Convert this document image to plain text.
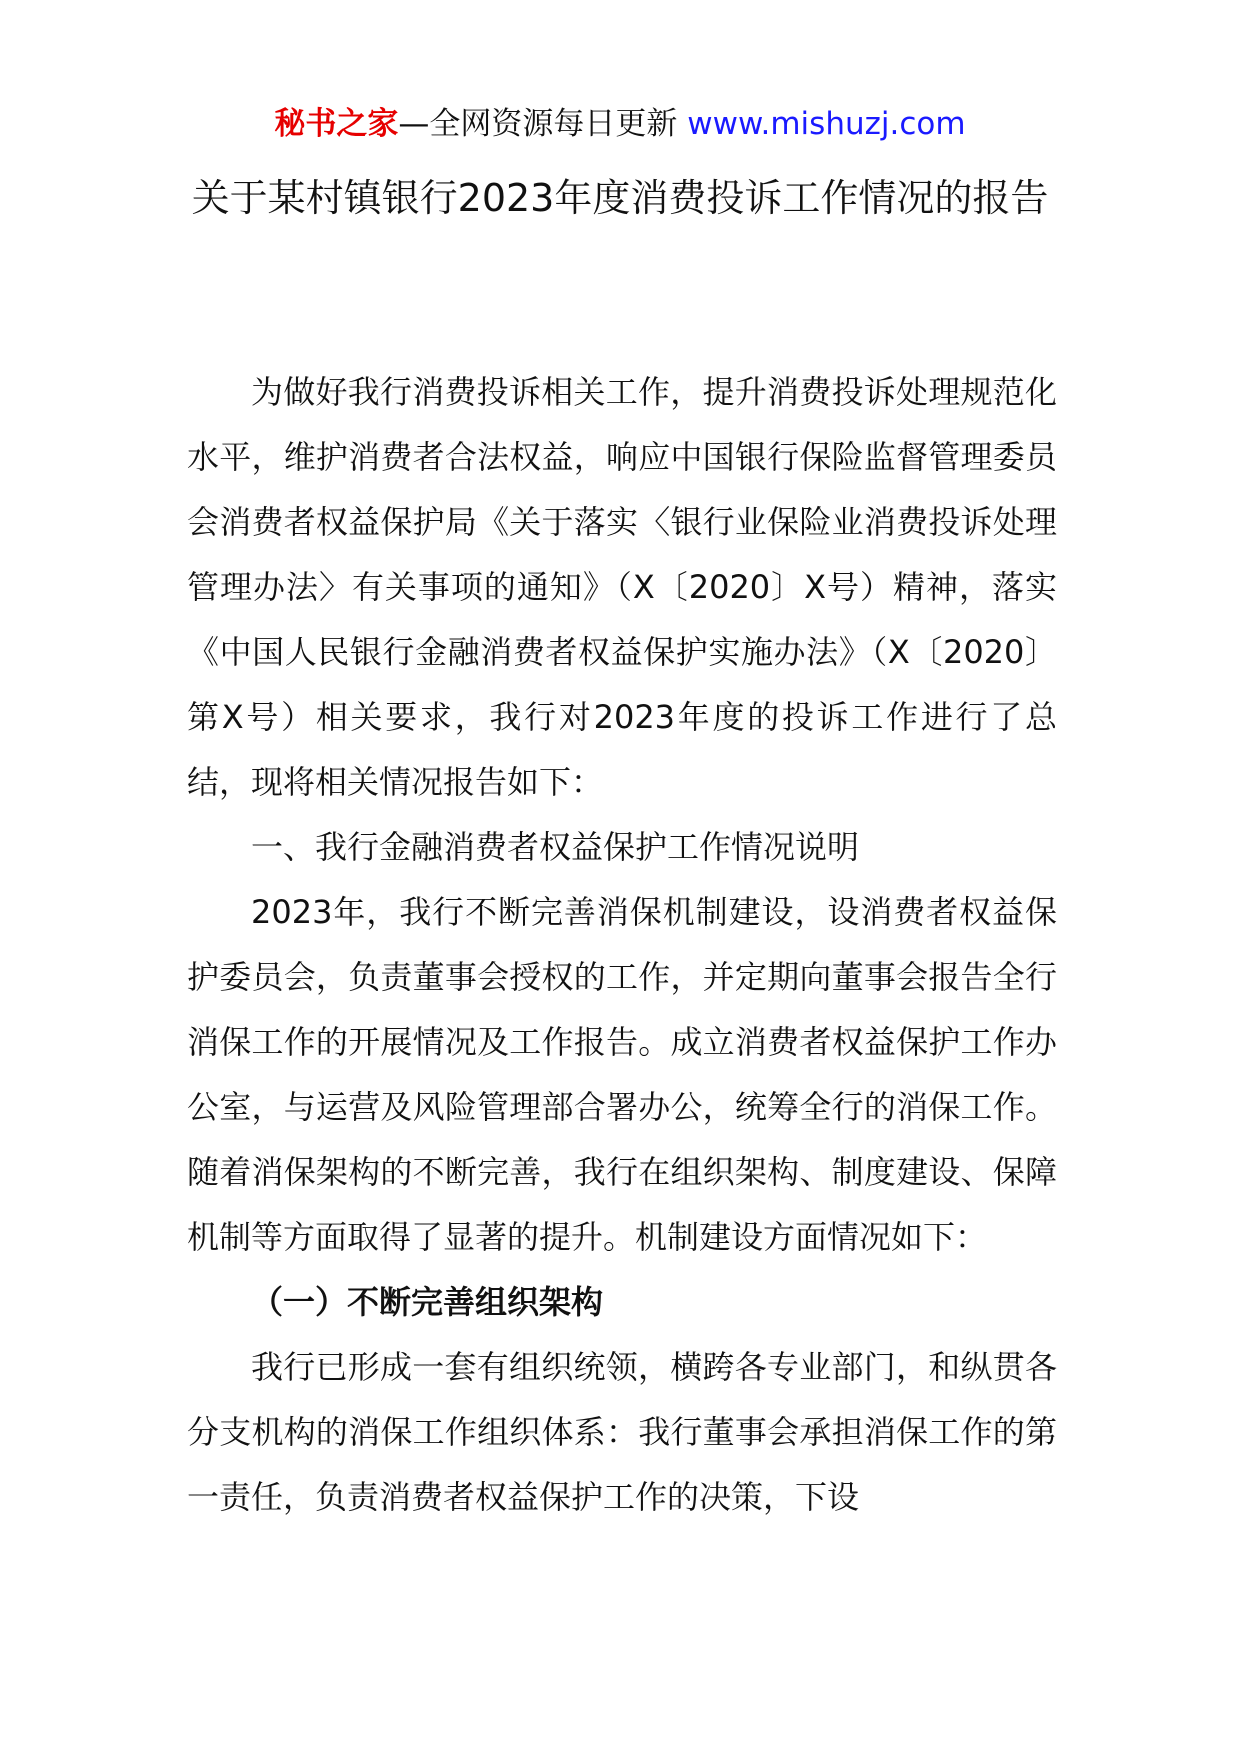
秘书之家—全网资源每日更新 www.mishuzj.com
关于某村镇银行2023年度消费投诉工作情况的报告

为做好我行消费投诉相关工作，提升消费投诉处理规范化水平，维护消费者合法权益，响应中国银行保险监督管理委员会消费者权益保护局《关于落实〈银行业保险业消费投诉处理管理办法〉有关事项的通知》（X〔2020〕X号）精神，落实《中国人民银行金融消费者权益保护实施办法》（X〔2020〕第X号）相关要求，我行对2023年度的投诉工作进行了总结，现将相关情况报告如下：

一、我行金融消费者权益保护工作情况说明

2023年，我行不断完善消保机制建设，设消费者权益保护委员会，负责董事会授权的工作，并定期向董事会报告全行消保工作的开展情况及工作报告。成立消费者权益保护工作办公室，与运营及风险管理部合署办公，统筹全行的消保工作。随着消保架构的不断完善，我行在组织架构、制度建设、保障机制等方面取得了显著的提升。机制建设方面情况如下：

（一）不断完善组织架构

我行已形成一套有组织统领，横跨各专业部门，和纵贯各分支机构的消保工作组织体系：我行董事会承担消保工作的第一责任，负责消费者权益保护工作的决策，下设
